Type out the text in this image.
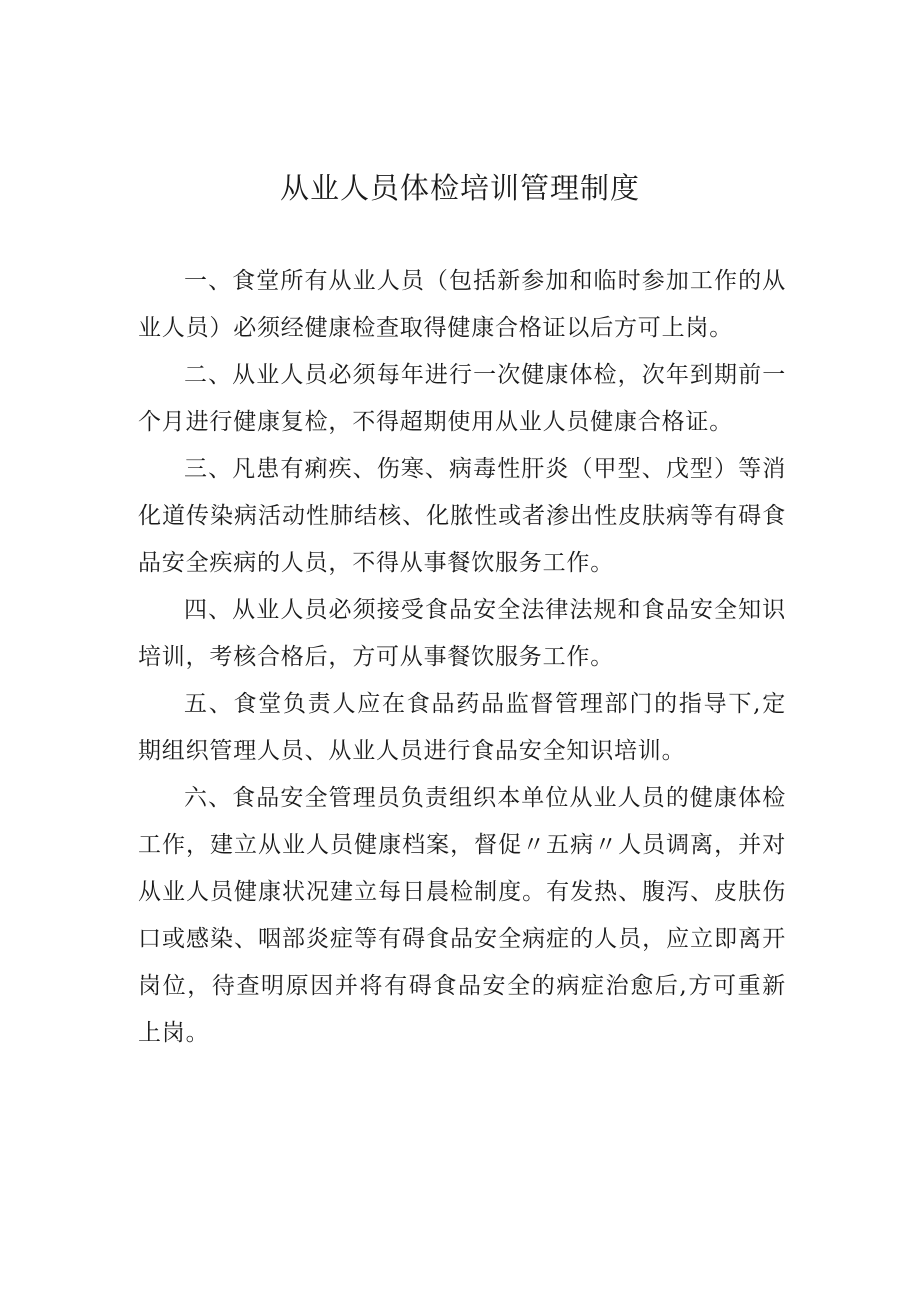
从业人员体检培训管理制度

一、食堂所有从业人员（包括新参加和临时参加工作的从业人员）必须经健康检查取得健康合格证以后方可上岗。

二、从业人员必须每年进行一次健康体检，次年到期前一个月进行健康复检，不得超期使用从业人员健康合格证。

三、凡患有痢疾、伤寒、病毒性肝炎（甲型、戊型）等消化道传染病活动性肺结核、化脓性或者渗出性皮肤病等有碍食品安全疾病的人员，不得从事餐饮服务工作。

四、从业人员必须接受食品安全法律法规和食品安全知识培训，考核合格后，方可从事餐饮服务工作。

五、食堂负责人应在食品药品监督管理部门的指导下,定期组织管理人员、从业人员进行食品安全知识培训。

六、食品安全管理员负责组织本单位从业人员的健康体检工作，建立从业人员健康档案，督促〃五病〃人员调离，并对从业人员健康状况建立每日晨检制度。有发热、腹泻、皮肤伤口或感染、咽部炎症等有碍食品安全病症的人员，应立即离开岗位，待查明原因并将有碍食品安全的病症治愈后,方可重新上岗。
